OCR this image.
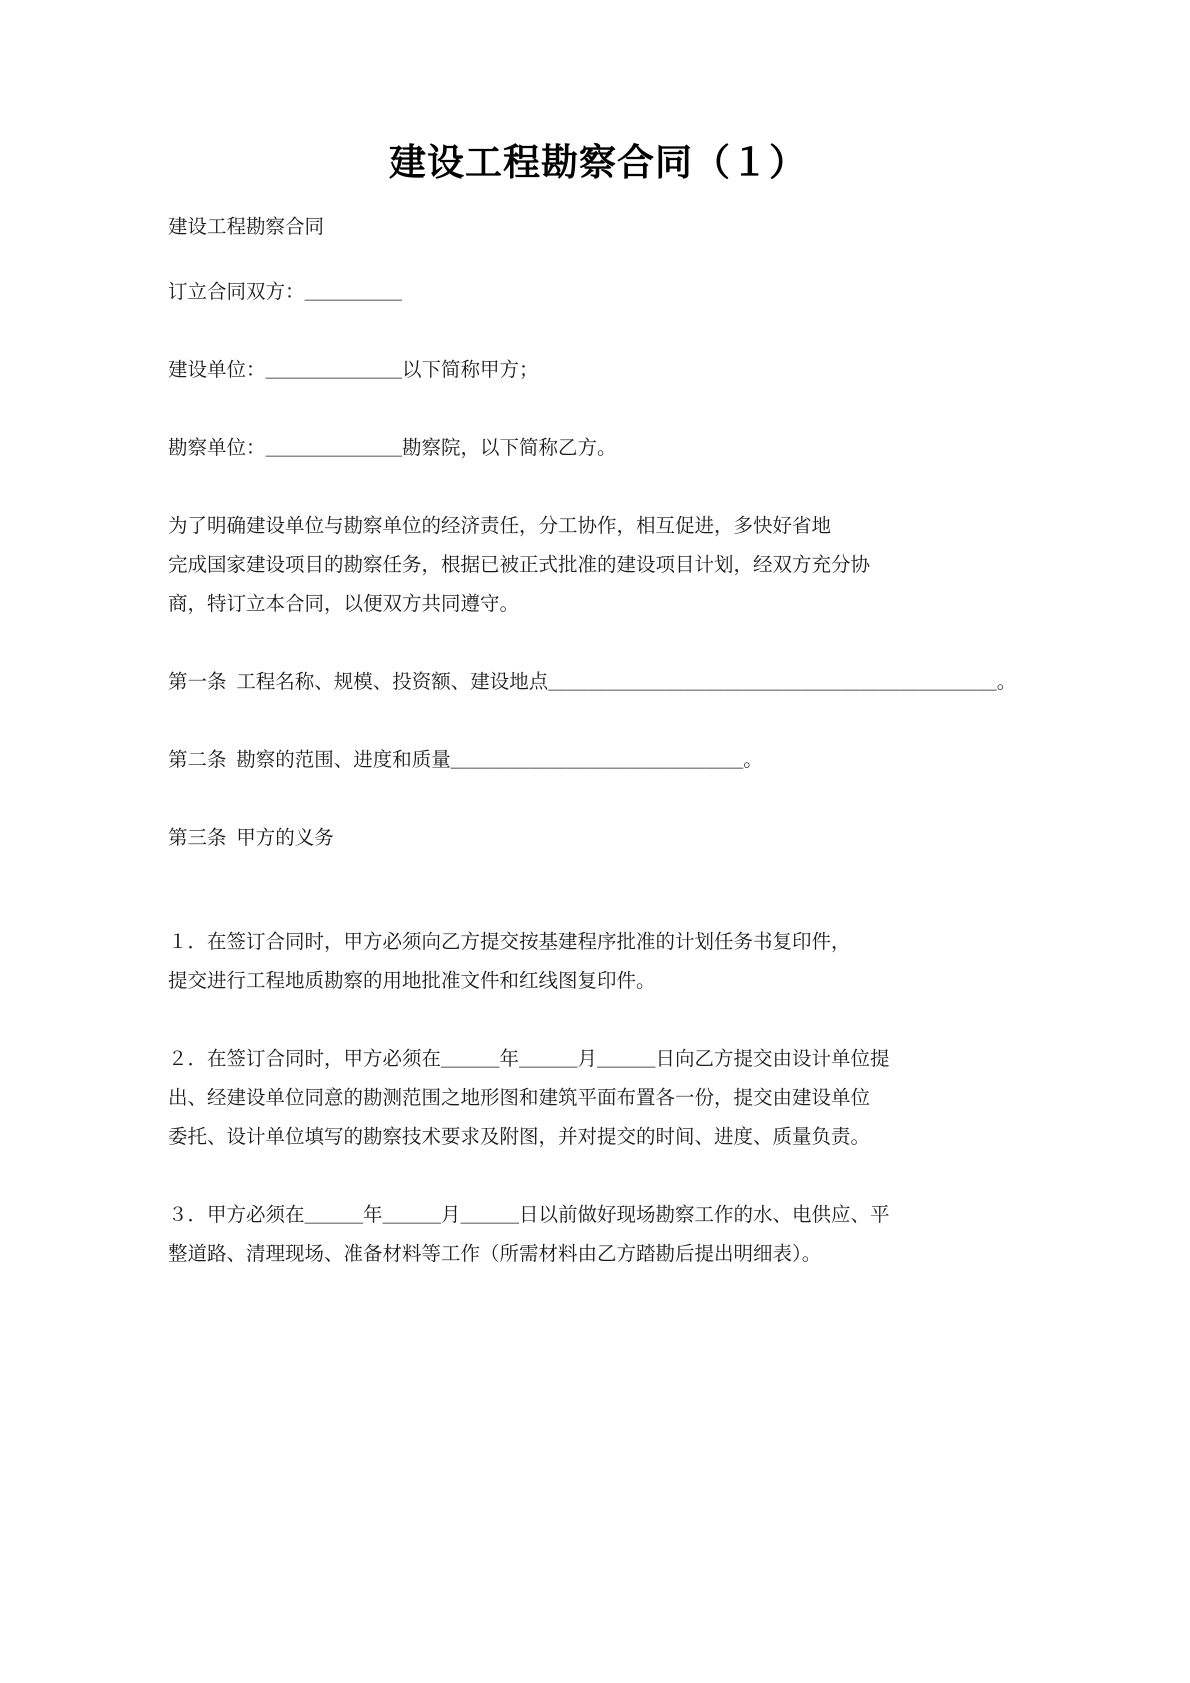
建设工程勘察合同（１）

建设工程勘察合同

订立合同双方：＿＿＿＿＿

建设单位：＿＿＿＿＿＿＿以下简称甲方；

勘察单位：＿＿＿＿＿＿＿勘察院，以下简称乙方。

为了明确建设单位与勘察单位的经济责任，分工协作，相互促进，多快好省地

完成国家建设项目的勘察任务，根据已被正式批准的建设项目计划，经双方充分协

商，特订立本合同，以便双方共同遵守。

第一条  工程名称、规模、投资额、建设地点＿＿＿＿＿＿＿＿＿＿＿＿＿＿＿＿＿＿＿＿＿＿＿。

第二条  勘察的范围、进度和质量＿＿＿＿＿＿＿＿＿＿＿＿＿＿＿。

第三条  甲方的义务

１．在签订合同时，甲方必须向乙方提交按基建程序批准的计划任务书复印件，

提交进行工程地质勘察的用地批准文件和红线图复印件。

２．在签订合同时，甲方必须在＿＿＿年＿＿＿月＿＿＿日向乙方提交由设计单位提

出、经建设单位同意的勘测范围之地形图和建筑平面布置各一份，提交由建设单位

委托、设计单位填写的勘察技术要求及附图，并对提交的时间、进度、质量负责。

３．甲方必须在＿＿＿年＿＿＿月＿＿＿日以前做好现场勘察工作的水、电供应、平

整道路、清理现场、准备材料等工作（所需材料由乙方踏勘后提出明细表）。
